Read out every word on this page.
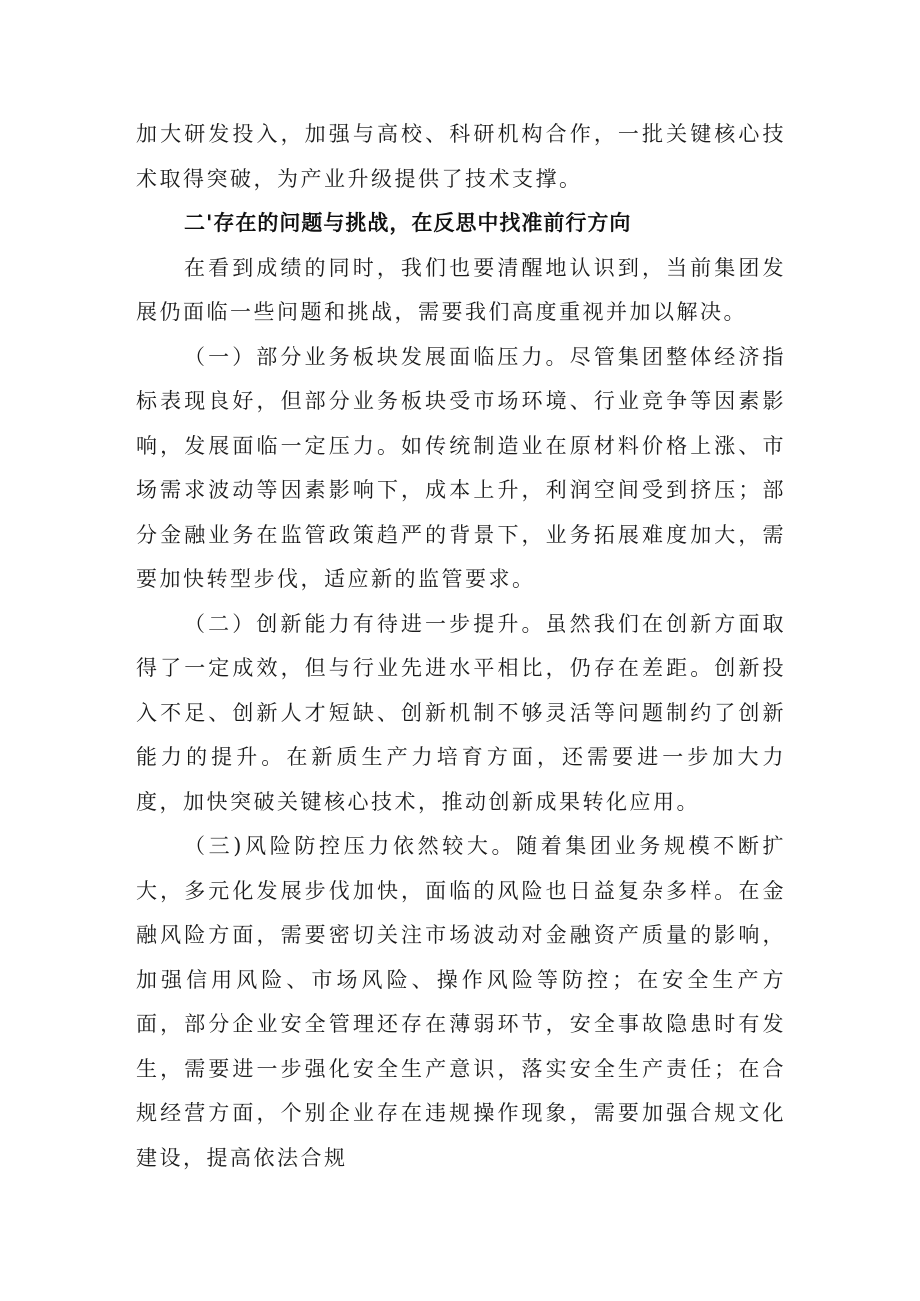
加大研发投入，加强与高校、科研机构合作，一批关键核心技术取得突破，为产业升级提供了技术支撑。

二'存在的问题与挑战，在反思中找准前行方向

在看到成绩的同时，我们也要清醒地认识到，当前集团发展仍面临一些问题和挑战，需要我们高度重视并加以解决。

（一）部分业务板块发展面临压力。尽管集团整体经济指标表现良好，但部分业务板块受市场环境、行业竞争等因素影响，发展面临一定压力。如传统制造业在原材料价格上涨、市场需求波动等因素影响下，成本上升，利润空间受到挤压；部分金融业务在监管政策趋严的背景下，业务拓展难度加大，需要加快转型步伐，适应新的监管要求。

（二）创新能力有待进一步提升。虽然我们在创新方面取得了一定成效，但与行业先进水平相比，仍存在差距。创新投入不足、创新人才短缺、创新机制不够灵活等问题制约了创新能力的提升。在新质生产力培育方面，还需要进一步加大力度，加快突破关键核心技术，推动创新成果转化应用。

（三)风险防控压力依然较大。随着集团业务规模不断扩大，多元化发展步伐加快，面临的风险也日益复杂多样。在金融风险方面，需要密切关注市场波动对金融资产质量的影响，加强信用风险、市场风险、操作风险等防控；在安全生产方面，部分企业安全管理还存在薄弱环节，安全事故隐患时有发生，需要进一步强化安全生产意识，落实安全生产责任；在合规经营方面，个别企业存在违规操作现象，需要加强合规文化建设，提高依法合规
